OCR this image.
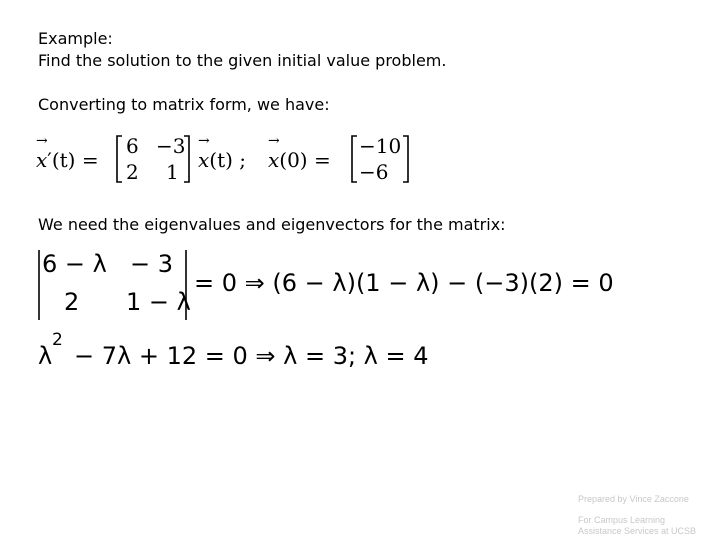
Example:
Find the solution to the given initial value problem.
Converting to matrix form, we have:
→ x′(t) =
6 −3
2 1 → x(t) ; → x(0) =
−10
−6
We need the eigenvalues and eigenvectors for the matrix:
6 − λ − 3
2 1 − λ
= 0 ⇒ (6 − λ)(1 − λ) − (−3)(2) = 0
λ
2
− 7λ + 12 = 0 ⇒ λ = 3; λ = 4
Prepared by Vince Zaccone
For Campus Learning
Assistance Services at UCSB
